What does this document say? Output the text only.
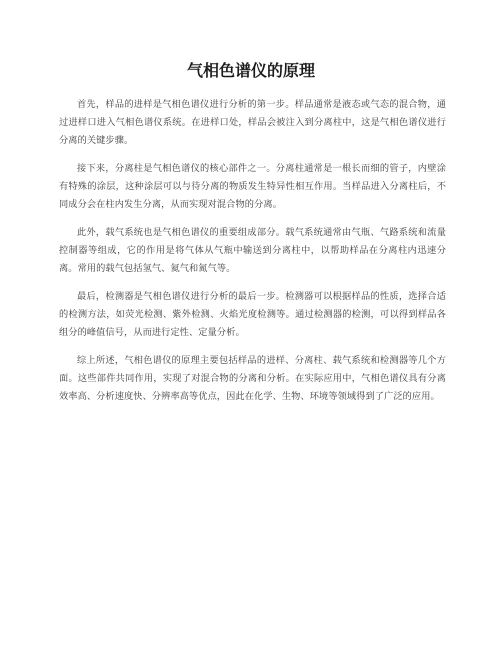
气相色谱仪的原理

首先，样品的进样是气相色谱仪进行分析的第一步。样品通常是液态或气态的混合物，通过进样口进入气相色谱仪系统。在进样口处，样品会被注入到分离柱中，这是气相色谱仪进行分离的关键步骤。

接下来，分离柱是气相色谱仪的核心部件之一。分离柱通常是一根长而细的管子，内壁涂有特殊的涂层，这种涂层可以与待分离的物质发生特异性相互作用。当样品进入分离柱后，不同成分会在柱内发生分离，从而实现对混合物的分离。

此外，载气系统也是气相色谱仪的重要组成部分。载气系统通常由气瓶、气路系统和流量控制器等组成，它的作用是将气体从气瓶中输送到分离柱中，以帮助样品在分离柱内迅速分离。常用的载气包括氢气、氦气和氮气等。

最后，检测器是气相色谱仪进行分析的最后一步。检测器可以根据样品的性质，选择合适的检测方法，如荧光检测、紫外检测、火焰光度检测等。通过检测器的检测，可以得到样品各组分的峰值信号，从而进行定性、定量分析。

综上所述，气相色谱仪的原理主要包括样品的进样、分离柱、载气系统和检测器等几个方面。这些部件共同作用，实现了对混合物的分离和分析。在实际应用中，气相色谱仪具有分离效率高、分析速度快、分辨率高等优点，因此在化学、生物、环境等领域得到了广泛的应用。
